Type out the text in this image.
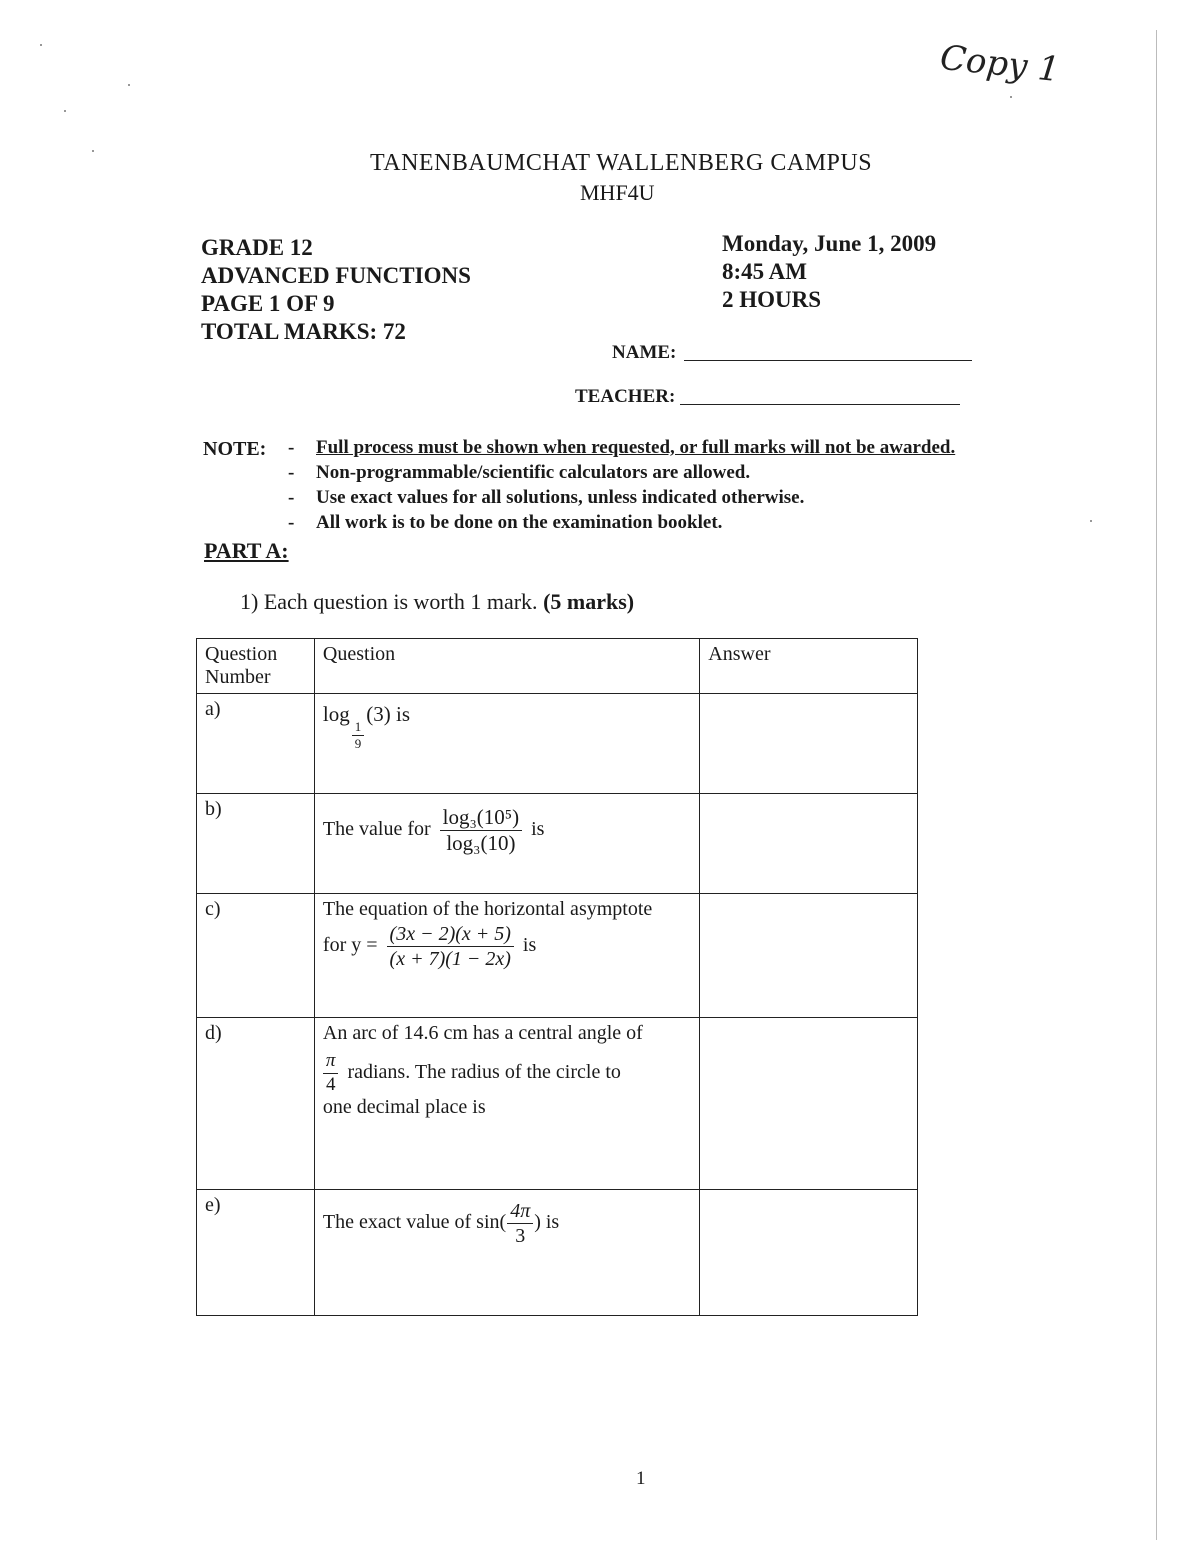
Copy 1
TANENBAUMCHAT WALLENBERG CAMPUS
MHF4U
GRADE 12
ADVANCED FUNCTIONS
PAGE 1 OF 9
TOTAL MARKS: 72
Monday, June 1, 2009
8:45 AM
2 HOURS
NAME:
TEACHER:
NOTE: - Full process must be shown when requested, or full marks will not be awarded.
- Non-programmable/scientific calculators are allowed.
- Use exact values for all solutions, unless indicated otherwise.
- All work is to be done on the examination booklet.
PART A:
1) Each question is worth 1 mark. (5 marks)
Question Number	Question	Answer
a)	log
$\frac{1}{9}$
(3) is	

b)	The value for $\frac{\text{log₃(10⁵)}}{\text{log₃(10)}}$ is	

c)	The equation of the horizontal asymptote
for $y = \frac{(3x - 2)(x + 5)}{(x + 7)(1 - 2x)}$ is	

d)	An arc of 14.6 cm has a central angle of
$\frac{\pi}{4}$ radians. The radius of the circle to
one decimal place is	

e)	The exact value of $\sin( \frac{4\pi}{3}$ ) is	

1
